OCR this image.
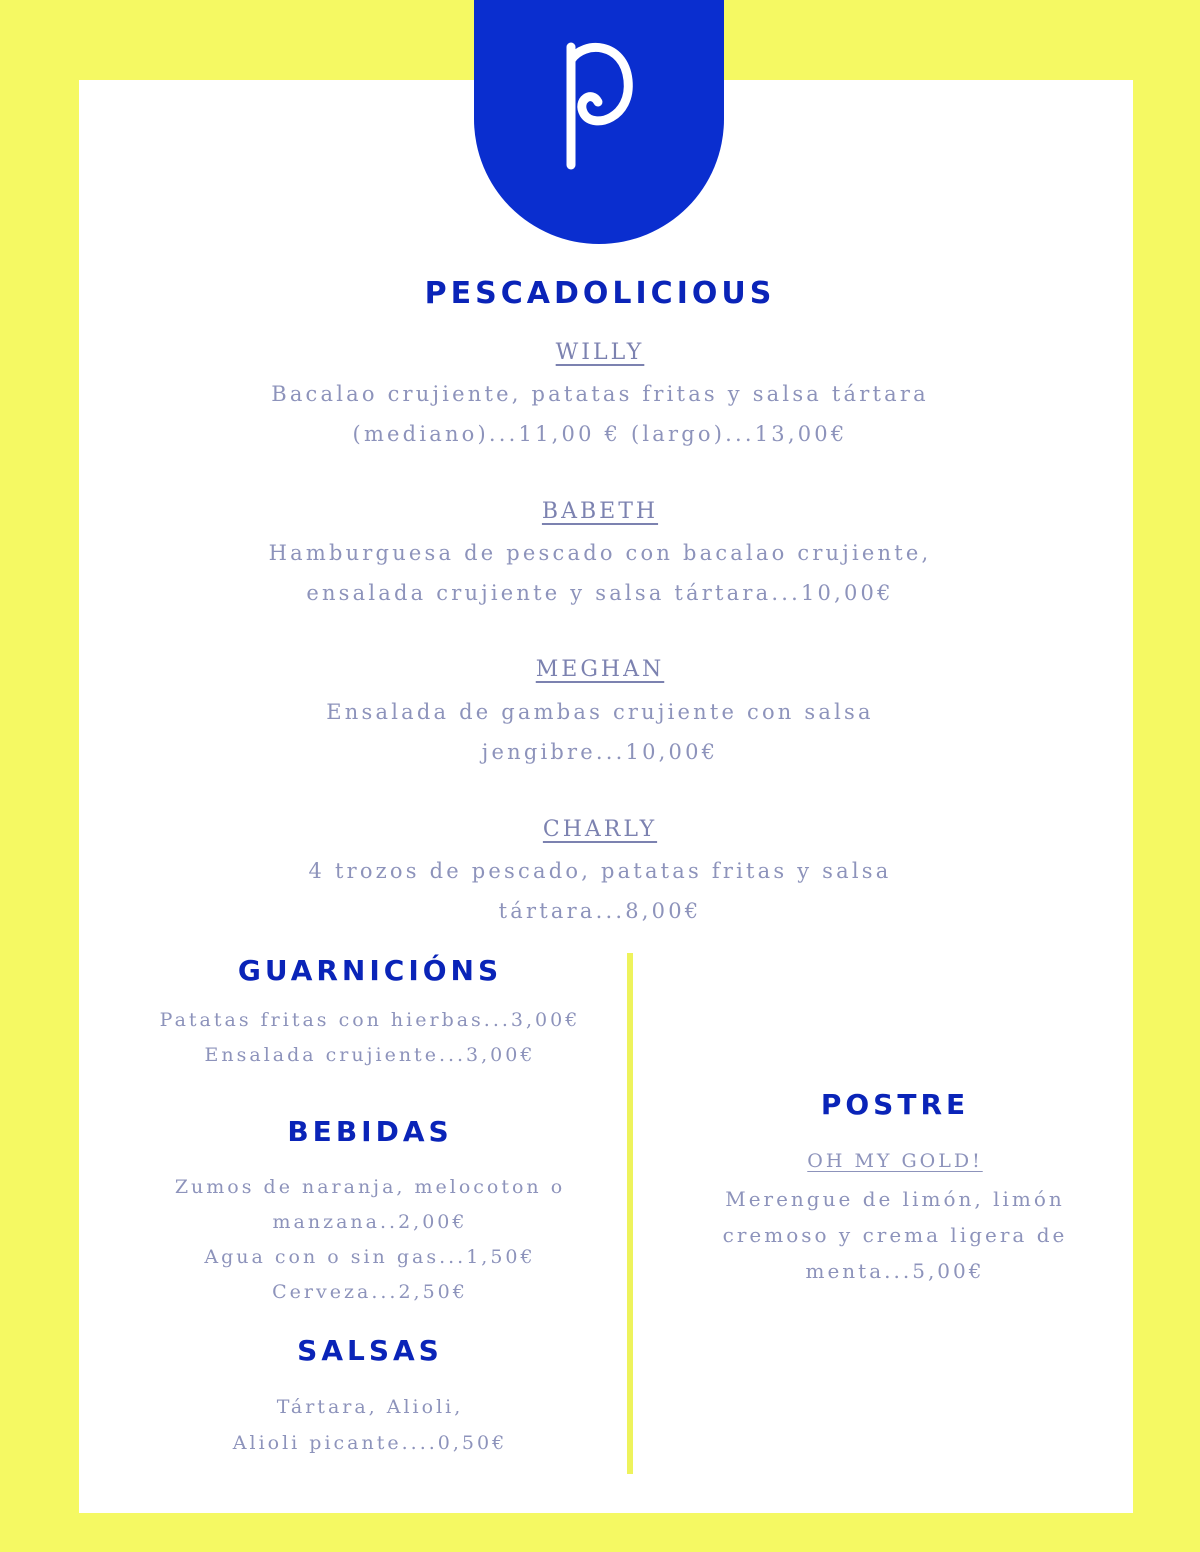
PESCADOLICIOUS

WILLY

Bacalao crujiente, patatas fritas y salsa tártara
(mediano)...11,00 € (largo)...13,00€

BABETH

Hamburguesa de pescado con bacalao crujiente,
ensalada crujiente y salsa tártara...10,00€

MEGHAN

Ensalada de gambas crujiente con salsa
jengibre...10,00€

CHARLY

4 trozos de pescado, patatas fritas y salsa
tártara...8,00€

GUARNICIÓNS
Patatas fritas con hierbas...3,00€
Ensalada crujiente...3,00€
BEBIDAS
Zumos de naranja, melocoton o
manzana..2,00€
Agua con o sin gas...1,50€
Cerveza...2,50€
SALSAS
Tártara, Alioli,
Alioli picante....0,50€
POSTRE

OH MY GOLD!

Merengue de limón, limón
cremoso y crema ligera de
menta...5,00€
